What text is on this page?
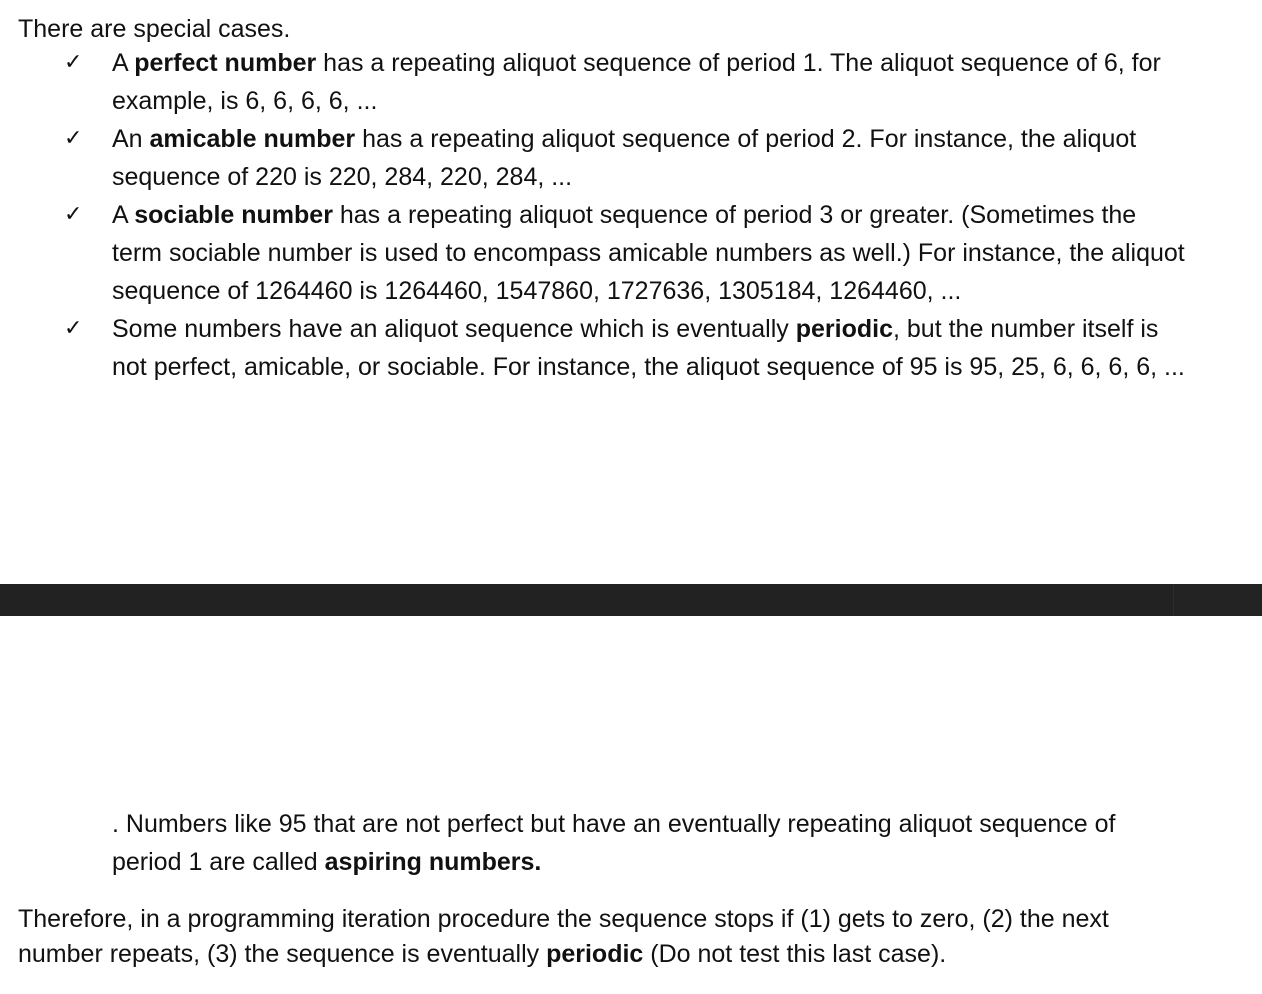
There are special cases.
✓ A perfect number has a repeating aliquot sequence of period 1. The aliquot sequence of 6, for
example, is 6, 6, 6, 6, ...
✓ An amicable number has a repeating aliquot sequence of period 2. For instance, the aliquot
sequence of 220 is 220, 284, 220, 284, ...
✓ A sociable number has a repeating aliquot sequence of period 3 or greater. (Sometimes the
term sociable number is used to encompass amicable numbers as well.) For instance, the aliquot
sequence of 1264460 is 1264460, 1547860, 1727636, 1305184, 1264460, ...
✓ Some numbers have an aliquot sequence which is eventually periodic, but the number itself is
not perfect, amicable, or sociable. For instance, the aliquot sequence of 95 is 95, 25, 6, 6, 6, 6, ...
. Numbers like 95 that are not perfect but have an eventually repeating aliquot sequence of
period 1 are called aspiring numbers.
Therefore, in a programming iteration procedure the sequence stops if (1) gets to zero, (2) the next
number repeats, (3) the sequence is eventually periodic (Do not test this last case).
